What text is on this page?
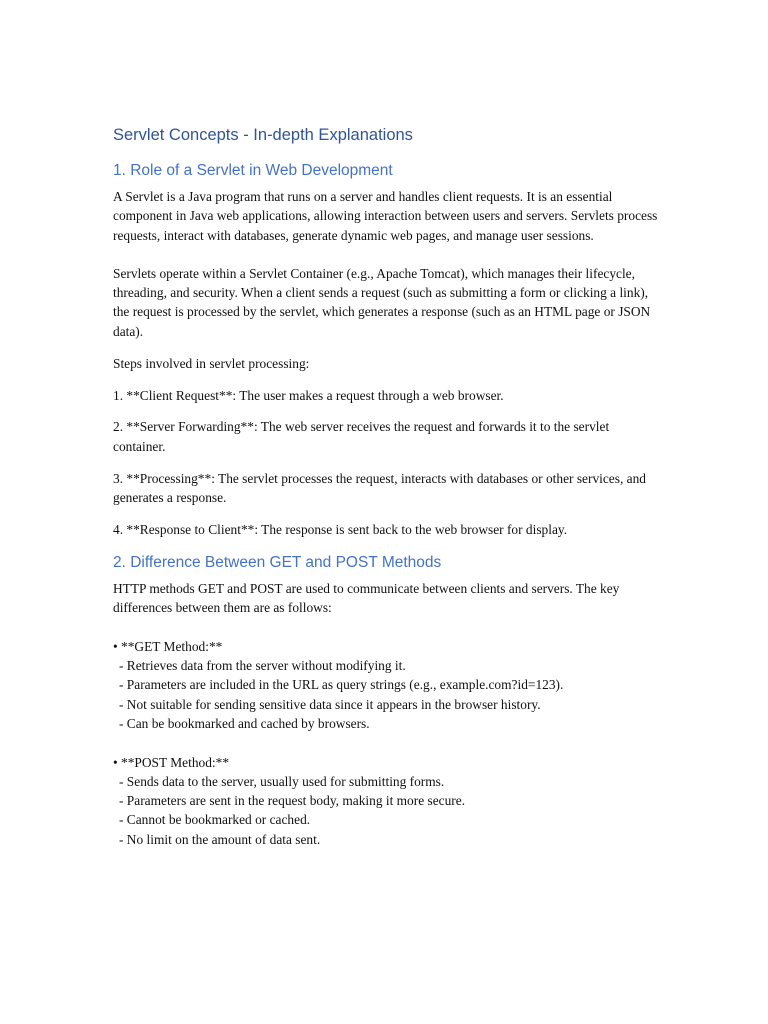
Servlet Concepts - In-depth Explanations
1. Role of a Servlet in Web Development

A Servlet is a Java program that runs on a server and handles client requests. It is an essential component in Java web applications, allowing interaction between users and servers. Servlets process requests, interact with databases, generate dynamic web pages, and manage user sessions.

Servlets operate within a Servlet Container (e.g., Apache Tomcat), which manages their lifecycle, threading, and security. When a client sends a request (such as submitting a form or clicking a link), the request is processed by the servlet, which generates a response (such as an HTML page or JSON data).

Steps involved in servlet processing:

1. **Client Request**: The user makes a request through a web browser.

2. **Server Forwarding**: The web server receives the request and forwards it to the servlet container.

3. **Processing**: The servlet processes the request, interacts with databases or other services, and generates a response.

4. **Response to Client**: The response is sent back to the web browser for display.

2. Difference Between GET and POST Methods

HTTP methods GET and POST are used to communicate between clients and servers. The key differences between them are as follows:

• **GET Method:**
- Retrieves data from the server without modifying it.
- Parameters are included in the URL as query strings (e.g., example.com?id=123).
- Not suitable for sending sensitive data since it appears in the browser history.
- Can be bookmarked and cached by browsers.
• **POST Method:**
- Sends data to the server, usually used for submitting forms.
- Parameters are sent in the request body, making it more secure.
- Cannot be bookmarked or cached.
- No limit on the amount of data sent.
